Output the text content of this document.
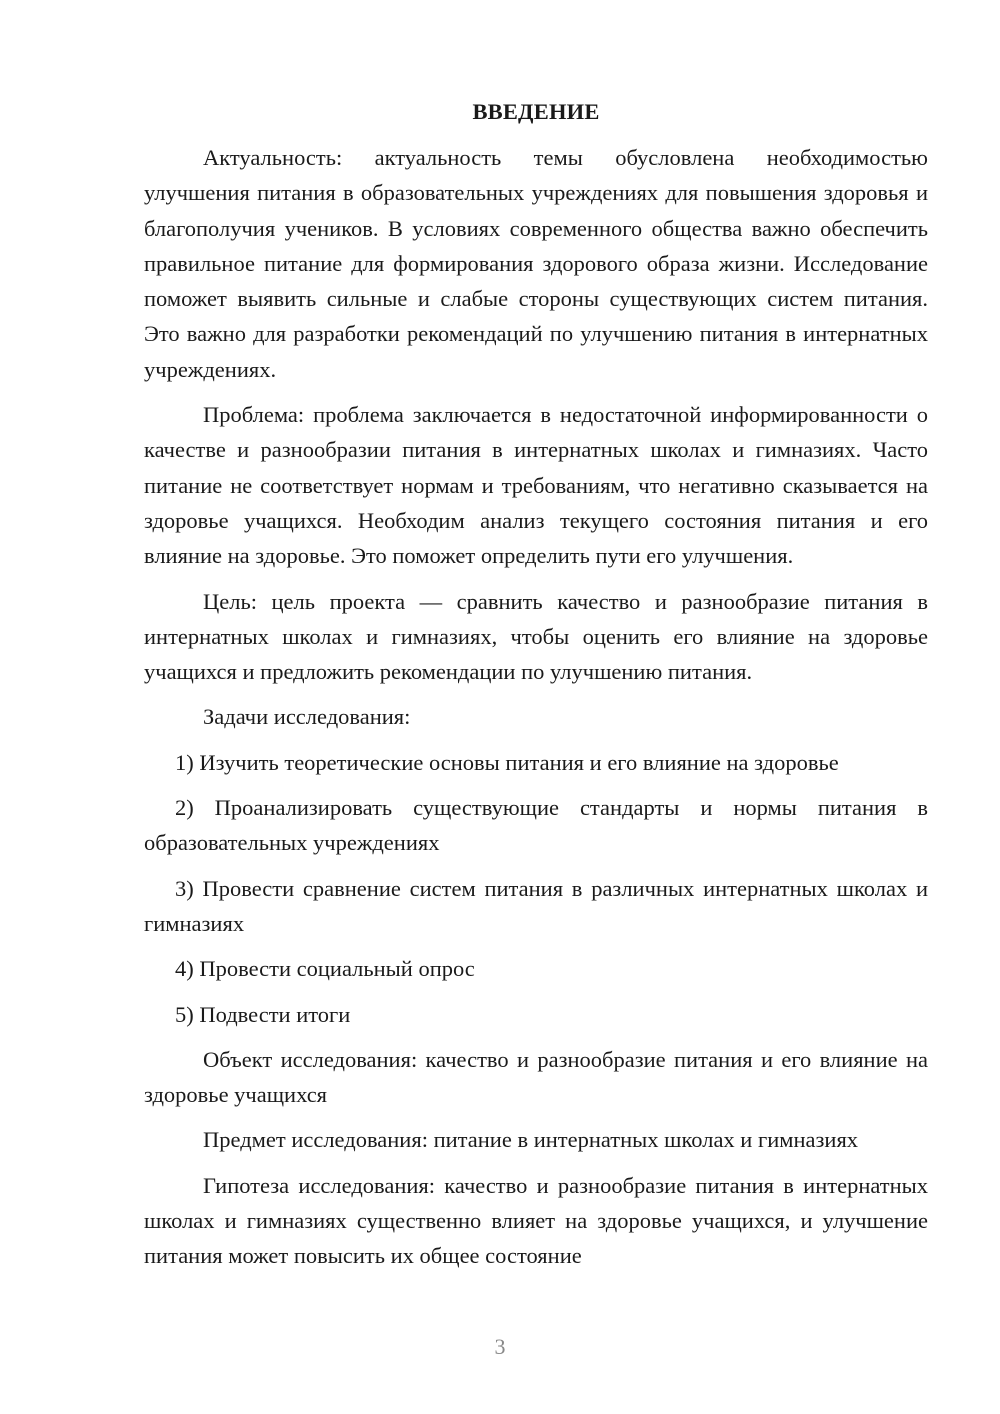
ВВЕДЕНИЕ

Актуальность: актуальность темы обусловлена необходимостью улучшения питания в образовательных учреждениях для повышения здоровья и благополучия учеников. В условиях современного общества важно обеспечить правильное питание для формирования здорового образа жизни. Исследование поможет выявить сильные и слабые стороны существующих систем питания. Это важно для разработки рекомендаций по улучшению питания в интернатных учреждениях.

Проблема: проблема заключается в недостаточной информированности о качестве и разнообразии питания в интернатных школах и гимназиях. Часто питание не соответствует нормам и требованиям, что негативно сказывается на здоровье учащихся. Необходим анализ текущего состояния питания и его влияние на здоровье. Это поможет определить пути его улучшения.

Цель: цель проекта — сравнить качество и разнообразие питания в интернатных школах и гимназиях, чтобы оценить его влияние на здоровье учащихся и предложить рекомендации по улучшению питания.

Задачи исследования:

1) Изучить теоретические основы питания и его влияние на здоровье

2) Проанализировать существующие стандарты и нормы питания в образовательных учреждениях

3) Провести сравнение систем питания в различных интернатных школах и гимназиях

4) Провести социальный опрос

5) Подвести итоги

Объект исследования: качество и разнообразие питания и его влияние на здоровье учащихся

Предмет исследования: питание в интернатных школах и гимназиях

Гипотеза исследования: качество и разнообразие питания в интернатных школах и гимназиях существенно влияет на здоровье учащихся, и улучшение питания может повысить их общее состояние

3
